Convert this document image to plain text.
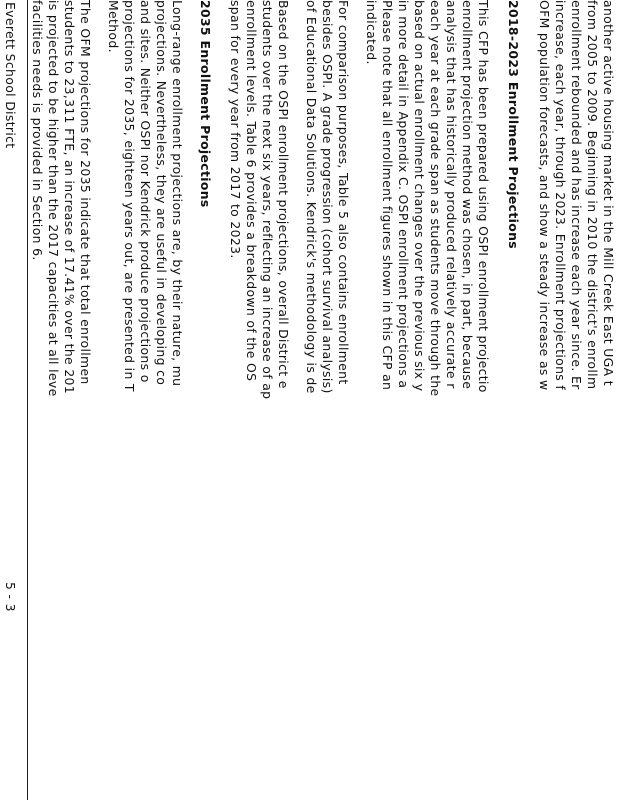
another active housing market in the Mill Creek East UGA t
from 2005 to 2009. Beginning in 2010 the district's enrollm
enrollment rebounded and has increase each year since. Er
increase, each year, through 2023. Enrollment projections f
OFM population forecasts, and show a steady increase as w
2018-2023 Enrollment Projections
This CFP has been prepared using OSPI enrollment projectio
enrollment projection method was chosen, in part, because
analysis that has historically produced relatively accurate r
each year at each grade span as students move through the
based on actual enrollment changes over the previous six y
in more detail in Appendix C. OSPI enrollment projections a
Please note that all enrollment figures shown in this CFP an
indicated.
For comparison purposes, Table 5 also contains enrollment
besides OSPI. A grade progression (cohort survival analysis)
of Educational Data Solutions. Kendrick's methodology is de
Based on the OSPI enrollment projections, overall District e
students over the next six years, reflecting an increase of ap
enrollment levels. Table 6 provides a breakdown of the OS
span for every year from 2017 to 2023.
2035 Enrollment Projections
Long-range enrollment projections are, by their nature, mu
projections. Nevertheless, they are useful in developing co
and sites. Neither OSPI nor Kendrick produce projections o
projections for 2035, eighteen years out, are presented in T
Method.
The OFM projections for 2035 indicate that total enrollmen
students to 23,311 FTE, an increase of 17.41% over the 201
is projected to be higher than the 2017 capacities at all leve
facilities needs is provided in Section 6.
Everett School District
5 - 3
